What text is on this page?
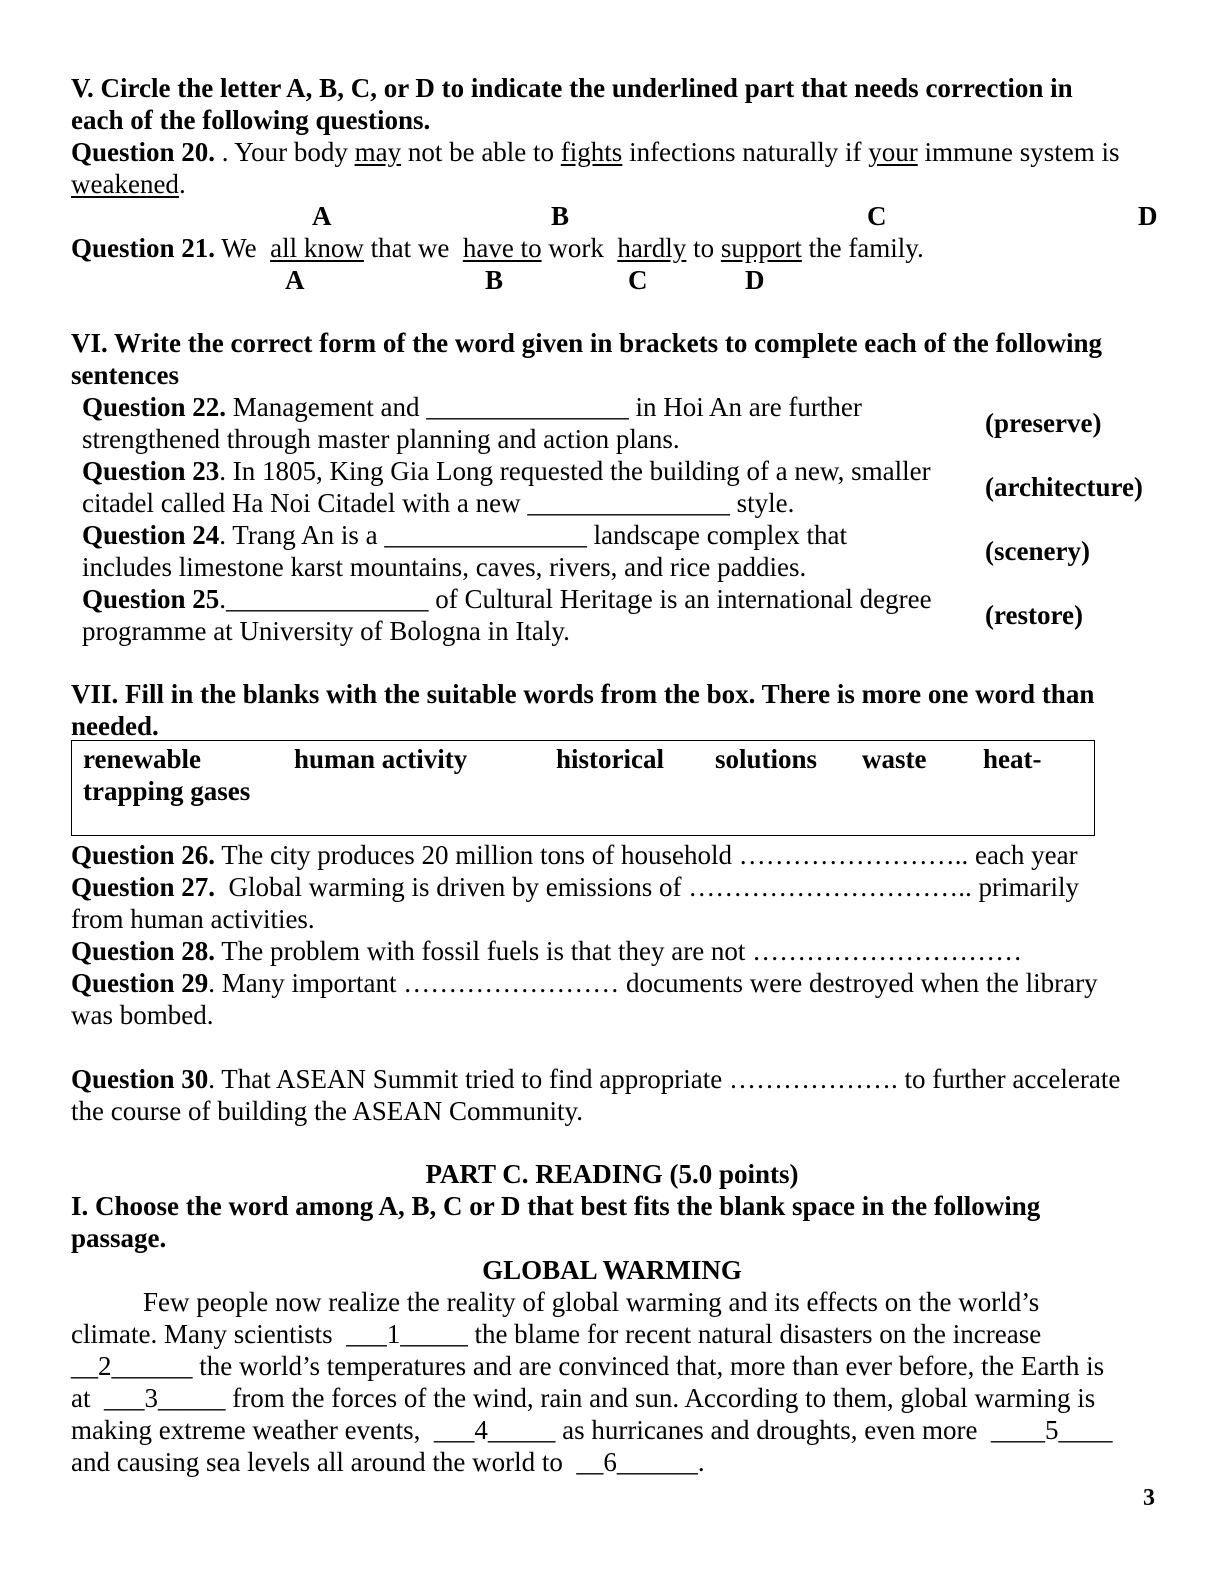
V. Circle the letter A, B, C, or D to indicate the underlined part that needs correction in
each of the following questions.
Question 20. . Your body may not be able to fights infections naturally if your immune system is
weakened.
A	B	C	D
Question 21. We  all know that we  have to work  hardly to support the family.
A	B	C	D
VI. Write the correct form of the word given in brackets to complete each of the following
sentences
Question 22. Management and _______________ in Hoi An are further
strengthened through master planning and action plans.
(preserve)
Question 23. In 1805, King Gia Long requested the building of a new, smaller
citadel called Ha Noi Citadel with a new _______________ style.
(architecture)
Question 24. Trang An is a _______________ landscape complex that
includes limestone karst mountains, caves, rivers, and rice paddies.
(scenery)
Question 25._______________ of Cultural Heritage is an international degree
programme at University of Bologna in Italy.
(restore)
VII. Fill in the blanks with the suitable words from the box. There is more one word than
needed.
renewable	human activity	historical solutions waste heat-
trapping gases
Question 26. The city produces 20 million tons of household …………………….. each year
Question 27.  Global warming is driven by emissions of ………………………….. primarily
from human activities.
Question 28. The problem with fossil fuels is that they are not …………………………
Question 29. Many important …………………… documents were destroyed when the library
was bombed.
Question 30. That ASEAN Summit tried to find appropriate ………………. to further accelerate
the course of building the ASEAN Community.
PART C. READING (5.0 points)
I. Choose the word among A, B, C or D that best fits the blank space in the following
passage.
GLOBAL WARMING
Few people now realize the reality of global warming and its effects on the world’s
climate. Many scientists  ___1_____ the blame for recent natural disasters on the increase
__2______ the world’s temperatures and are convinced that, more than ever before, the Earth is
at  ___3_____ from the forces of the wind, rain and sun. According to them, global warming is
making extreme weather events,  ___4_____ as hurricanes and droughts, even more  ____5____
and causing sea levels all around the world to  __6______.
3
